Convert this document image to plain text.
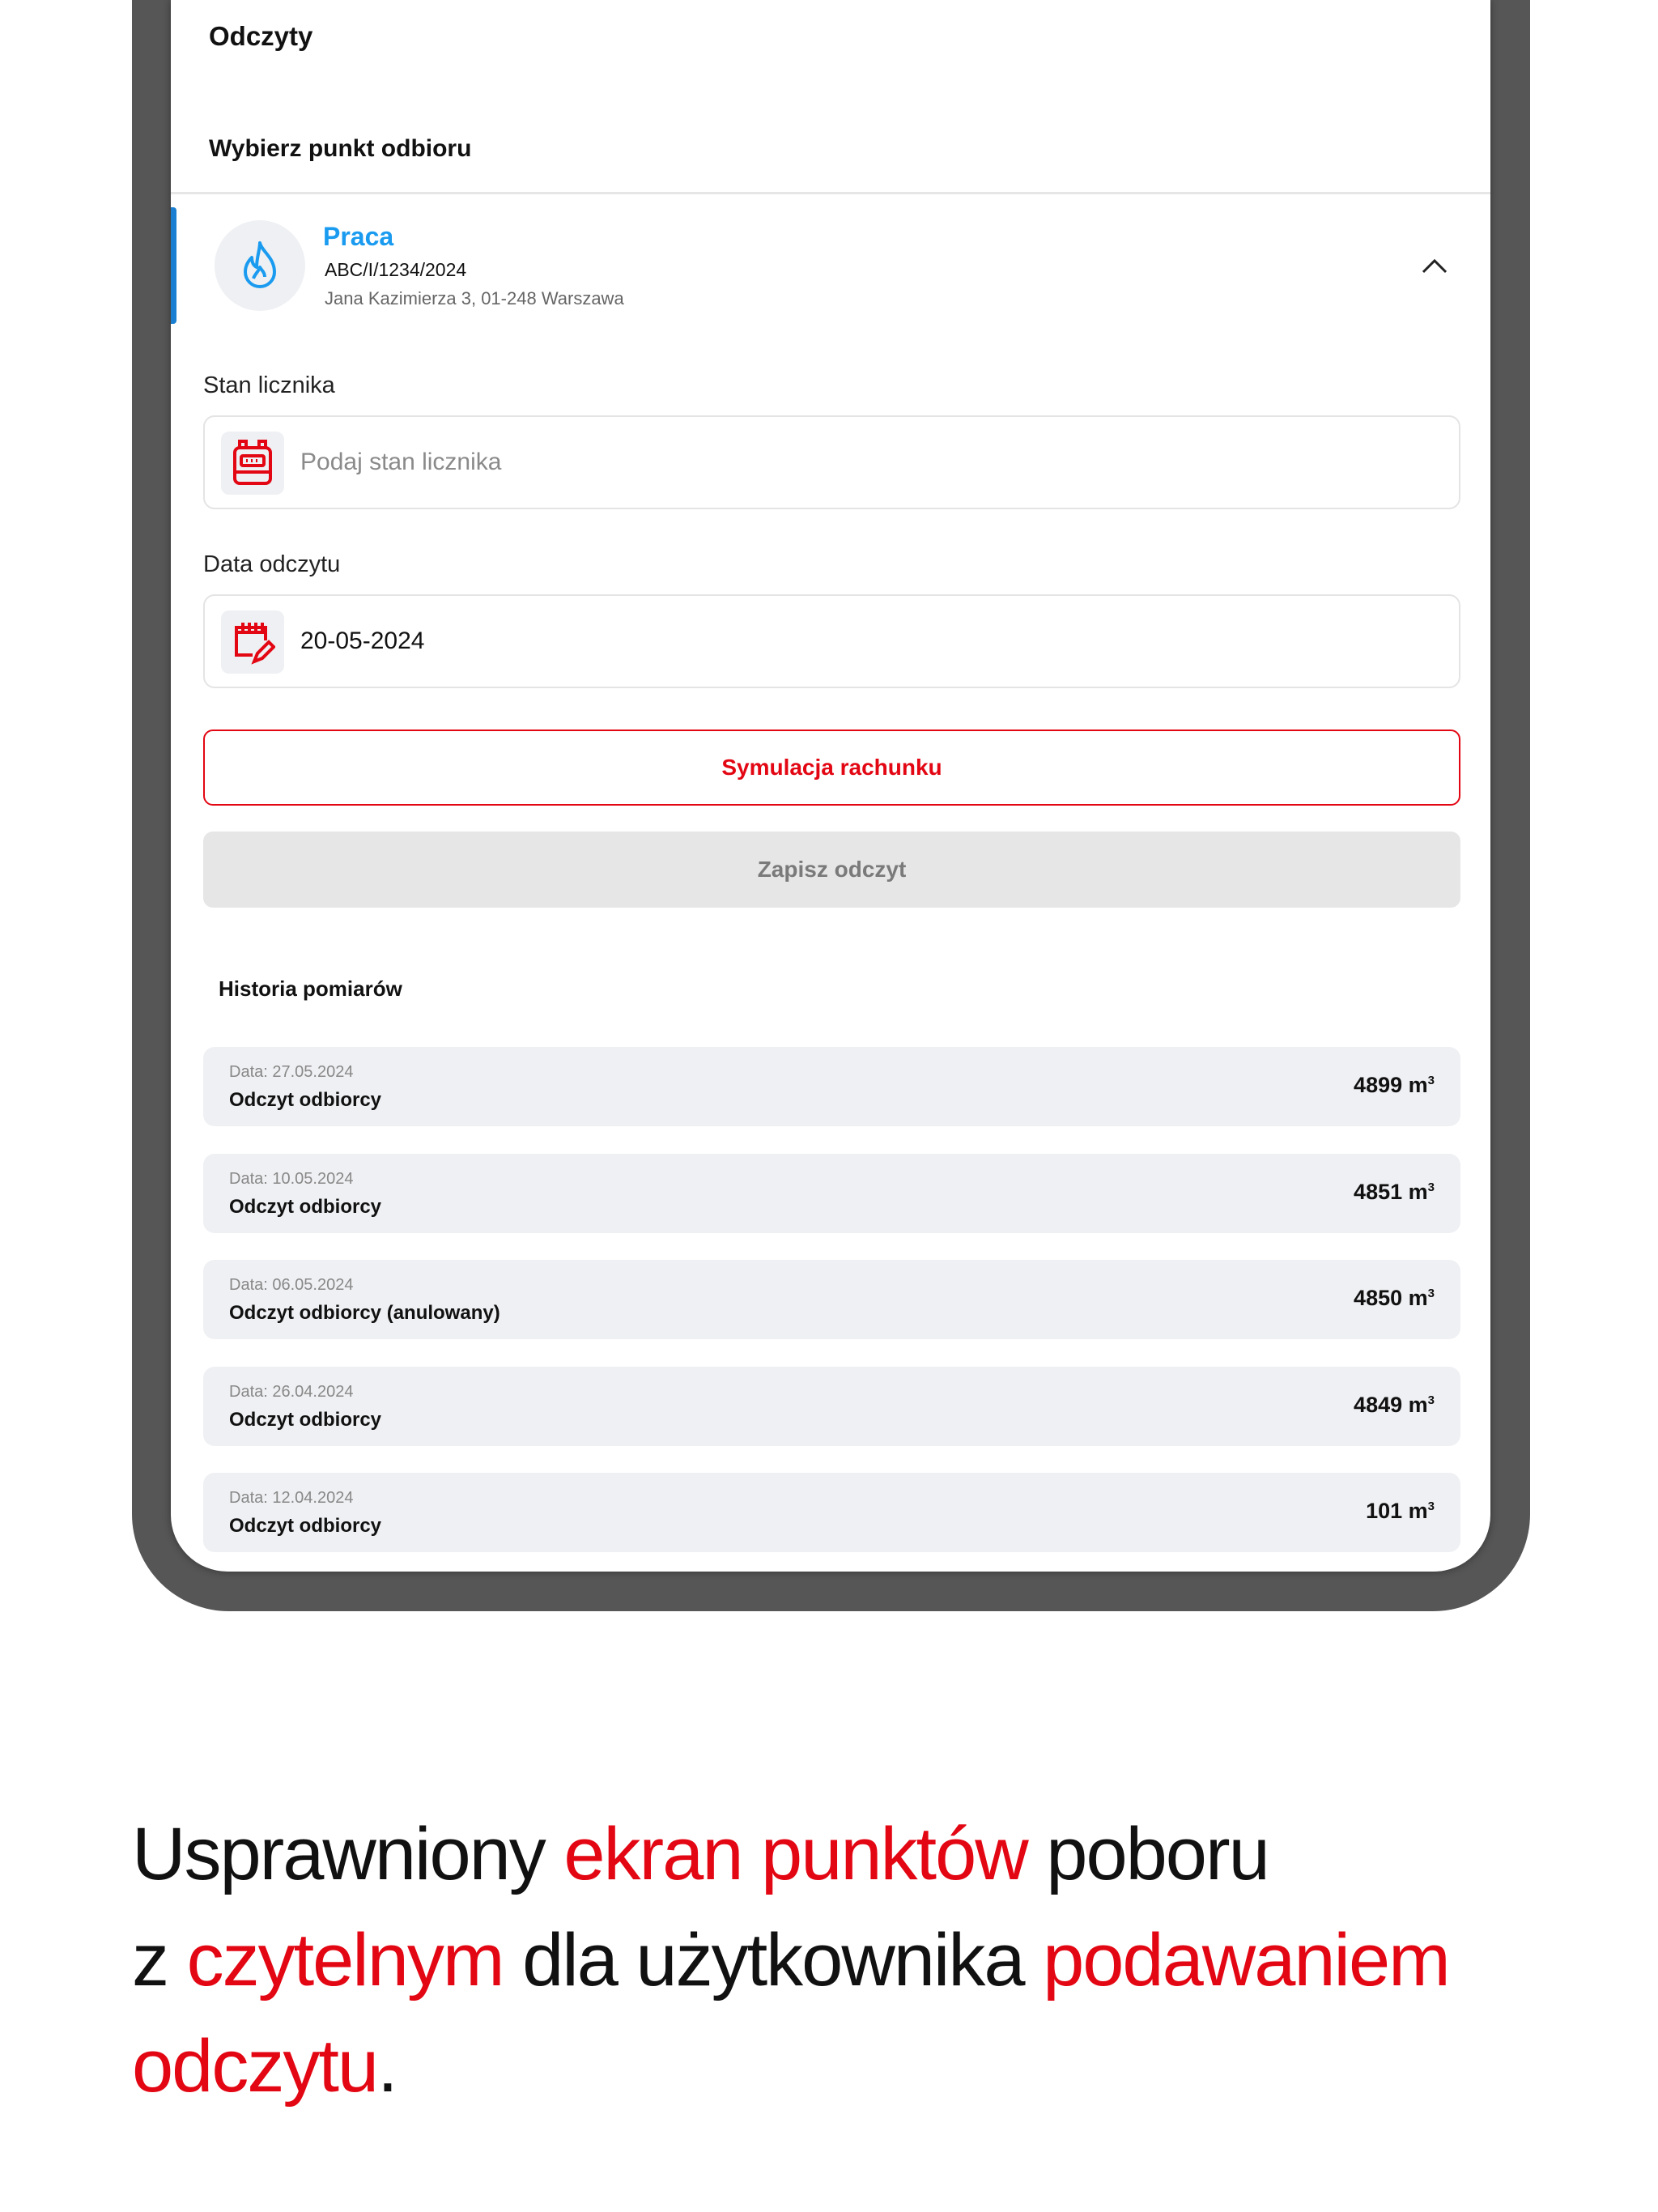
Odczyty
Wybierz punkt odbioru
Praca
ABC/I/1234/2024
Jana Kazimierza 3, 01-248 Warszawa
Stan licznika
Podaj stan licznika
Data odczytu
20-05-2024
Symulacja rachunku
Zapisz odczyt
Historia pomiarów
Data: 27.05.2024
Odczyt odbiorcy
4899 $m^3$
Data: 10.05.2024
Odczyt odbiorcy
4851 $m^3$
Data: 06.05.2024
Odczyt odbiorcy (anulowany)
4850 $m^3$
Data: 26.04.2024
Odczyt odbiorcy
4849 $m^3$
Data: 12.04.2024
Odczyt odbiorcy
101 $m^3$
Usprawniony ekran punktów poboru
z czytelnym dla użytkownika podawaniem
odczytu.
